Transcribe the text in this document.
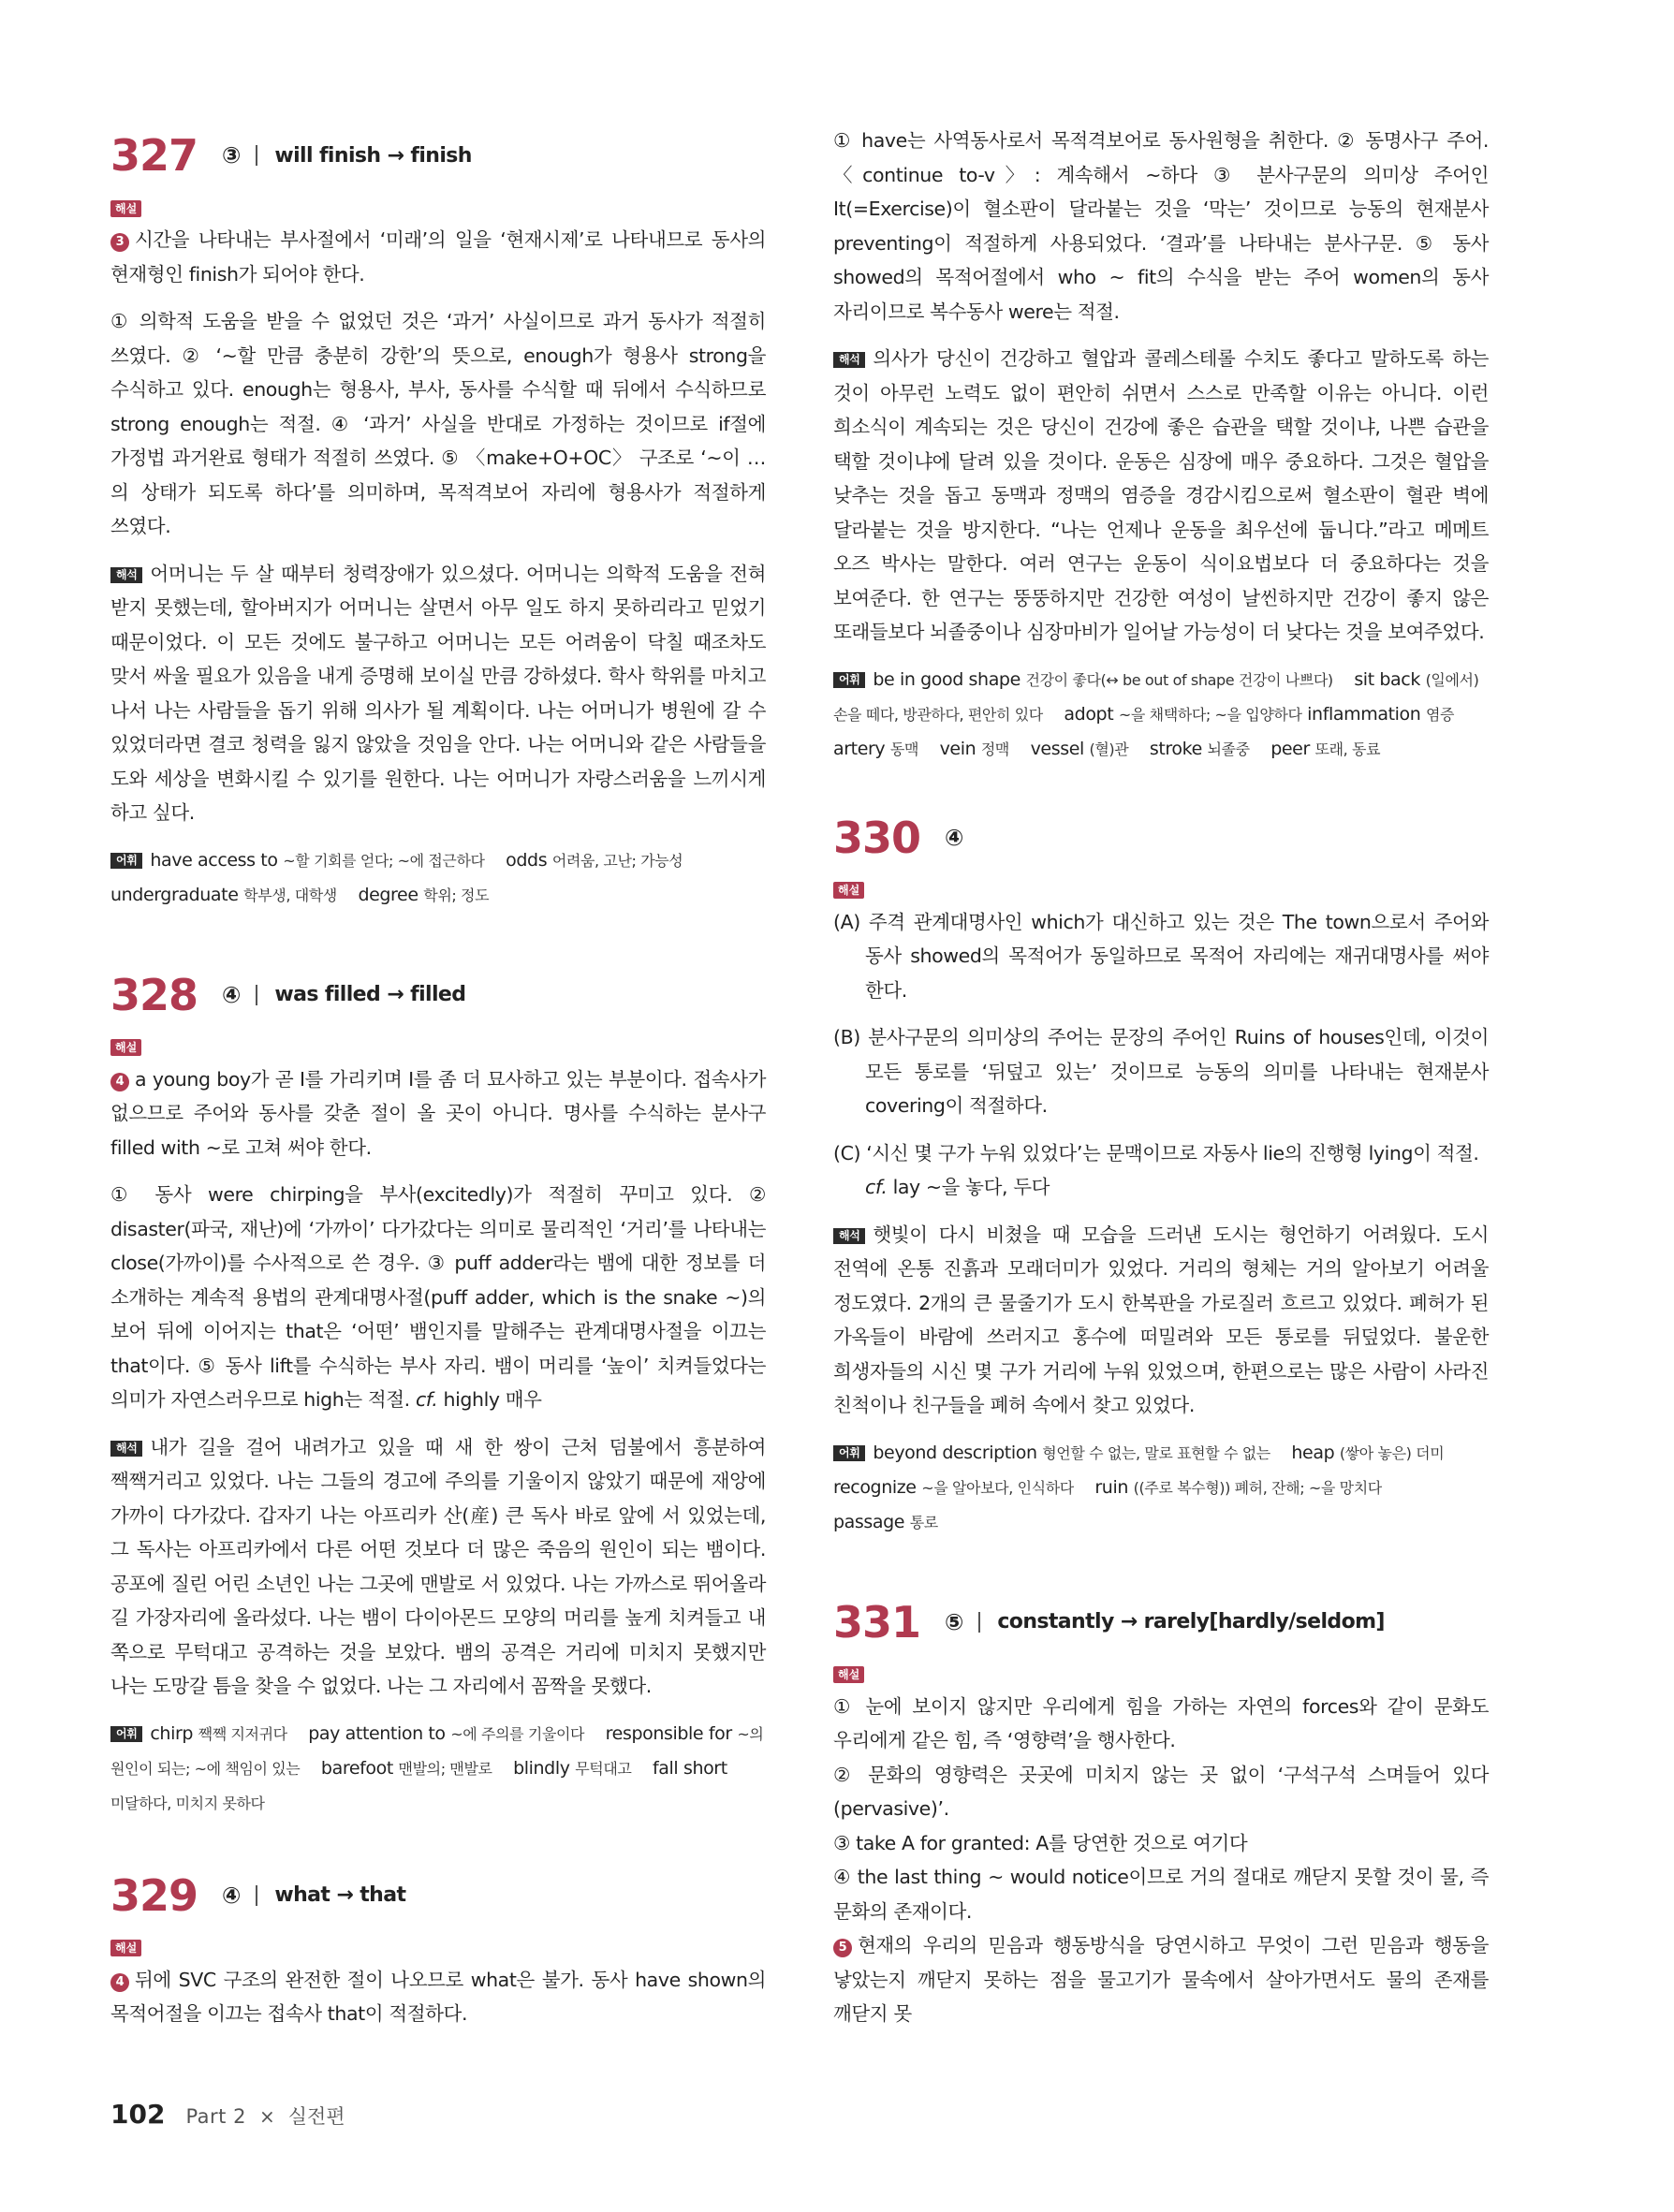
327 ③ will finish → finish
해설

3 시간을 나타내는 부사절에서 ‘미래’의 일을 ‘현재시제’로 나타내므로 동사의 현재형인 finish가 되어야 한다.

① 의학적 도움을 받을 수 없었던 것은 ‘과거’ 사실이므로 과거 동사가 적절히 쓰였다. ② ‘~할 만큼 충분히 강한’의 뜻으로, enough가 형용사 strong을 수식하고 있다. enough는 형용사, 부사, 동사를 수식할 때 뒤에서 수식하므로 strong enough는 적절. ④ ‘과거’ 사실을 반대로 가정하는 것이므로 if절에 가정법 과거완료 형태가 적절히 쓰였다. ⑤ 〈make+O+OC〉 구조로 ‘~이 …의 상태가 되도록 하다’를 의미하며, 목적격보어 자리에 형용사가 적절하게 쓰였다.

해석 어머니는 두 살 때부터 청력장애가 있으셨다. 어머니는 의학적 도움을 전혀 받지 못했는데, 할아버지가 어머니는 살면서 아무 일도 하지 못하리라고 믿었기 때문이었다. 이 모든 것에도 불구하고 어머니는 모든 어려움이 닥칠 때조차도 맞서 싸울 필요가 있음을 내게 증명해 보이실 만큼 강하셨다. 학사 학위를 마치고 나서 나는 사람들을 돕기 위해 의사가 될 계획이다. 나는 어머니가 병원에 갈 수 있었더라면 결코 청력을 잃지 않았을 것임을 안다. 나는 어머니와 같은 사람들을 도와 세상을 변화시킬 수 있기를 원한다. 나는 어머니가 자랑스러움을 느끼시게 하고 싶다.

어휘 have access to ~할 기회를 얻다; ~에 접근하다 odds 어려움, 고난; 가능성
undergraduate 학부생, 대학생 degree 학위; 정도

328 ④ was filled → filled
해설

4 a young boy가 곧 I를 가리키며 I를 좀 더 묘사하고 있는 부분이다. 접속사가 없으므로 주어와 동사를 갖춘 절이 올 곳이 아니다. 명사를 수식하는 분사구 filled with ~로 고쳐 써야 한다.

① 동사 were chirping을 부사(excitedly)가 적절히 꾸미고 있다. ② disaster(파국, 재난)에 ‘가까이’ 다가갔다는 의미로 물리적인 ‘거리’를 나타내는 close(가까이)를 수사적으로 쓴 경우. ③ puff adder라는 뱀에 대한 정보를 더 소개하는 계속적 용법의 관계대명사절(puff adder, which is the snake ~)의 보어 뒤에 이어지는 that은 ‘어떤’ 뱀인지를 말해주는 관계대명사절을 이끄는 that이다. ⑤ 동사 lift를 수식하는 부사 자리. 뱀이 머리를 ‘높이’ 치켜들었다는 의미가 자연스러우므로 high는 적절. cf. highly 매우

해석 내가 길을 걸어 내려가고 있을 때 새 한 쌍이 근처 덤불에서 흥분하여 짹짹거리고 있었다. 나는 그들의 경고에 주의를 기울이지 않았기 때문에 재앙에 가까이 다가갔다. 갑자기 나는 아프리카 산(産) 큰 독사 바로 앞에 서 있었는데, 그 독사는 아프리카에서 다른 어떤 것보다 더 많은 죽음의 원인이 되는 뱀이다. 공포에 질린 어린 소년인 나는 그곳에 맨발로 서 있었다. 나는 가까스로 뛰어올라 길 가장자리에 올라섰다. 나는 뱀이 다이아몬드 모양의 머리를 높게 치켜들고 내 쪽으로 무턱대고 공격하는 것을 보았다. 뱀의 공격은 거리에 미치지 못했지만 나는 도망갈 틈을 찾을 수 없었다. 나는 그 자리에서 꼼짝을 못했다.

어휘 chirp 짹짹 지저귀다 pay attention to ~에 주의를 기울이다 responsible for ~의 원인이 되는; ~에 책임이 있는 barefoot 맨발의; 맨발로 blindly 무턱대고 fall short 미달하다, 미치지 못하다

329 ④ what → that
해설

4 뒤에 SVC 구조의 완전한 절이 나오므로 what은 불가. 동사 have shown의 목적어절을 이끄는 접속사 that이 적절하다.

① have는 사역동사로서 목적격보어로 동사원형을 취한다. ② 동명사구 주어. 〈continue to-v〉: 계속해서 ~하다 ③ 분사구문의 의미상 주어인 It(=Exercise)이 혈소판이 달라붙는 것을 ‘막는’ 것이므로 능동의 현재분사 preventing이 적절하게 사용되었다. ‘결과’를 나타내는 분사구문. ⑤ 동사 showed의 목적어절에서 who ~ fit의 수식을 받는 주어 women의 동사 자리이므로 복수동사 were는 적절.

해석 의사가 당신이 건강하고 혈압과 콜레스테롤 수치도 좋다고 말하도록 하는 것이 아무런 노력도 없이 편안히 쉬면서 스스로 만족할 이유는 아니다. 이런 희소식이 계속되는 것은 당신이 건강에 좋은 습관을 택할 것이냐, 나쁜 습관을 택할 것이냐에 달려 있을 것이다. 운동은 심장에 매우 중요하다. 그것은 혈압을 낮추는 것을 돕고 동맥과 정맥의 염증을 경감시킴으로써 혈소판이 혈관 벽에 달라붙는 것을 방지한다. “나는 언제나 운동을 최우선에 둡니다.”라고 메메트 오즈 박사는 말한다. 여러 연구는 운동이 식이요법보다 더 중요하다는 것을 보여준다. 한 연구는 뚱뚱하지만 건강한 여성이 날씬하지만 건강이 좋지 않은 또래들보다 뇌졸중이나 심장마비가 일어날 가능성이 더 낮다는 것을 보여주었다.

어휘 be in good shape 건강이 좋다(↔ be out of shape 건강이 나쁘다) sit back (일에서) 손을 떼다, 방관하다, 편안히 있다 adopt ~을 채택하다; ~을 입양하다 inflammation 염증    artery 동맥 vein 정맥 vessel (혈)관 stroke 뇌졸중 peer 또래, 동료

330 ④
해설

(A) 주격 관계대명사인 which가 대신하고 있는 것은 The town으로서 주어와 동사 showed의 목적어가 동일하므로 목적어 자리에는 재귀대명사를 써야 한다.

(B) 분사구문의 의미상의 주어는 문장의 주어인 Ruins of houses인데, 이것이 모든 통로를 ‘뒤덮고 있는’ 것이므로 능동의 의미를 나타내는 현재분사 covering이 적절하다.

(C) ‘시신 몇 구가 누워 있었다’는 문맥이므로 자동사 lie의 진행형 lying이 적절.
cf. lay ~을 놓다, 두다

해석 햇빛이 다시 비쳤을 때 모습을 드러낸 도시는 형언하기 어려웠다. 도시 전역에 온통 진흙과 모래더미가 있었다. 거리의 형체는 거의 알아보기 어려울 정도였다. 2개의 큰 물줄기가 도시 한복판을 가로질러 흐르고 있었다. 폐허가 된 가옥들이 바람에 쓰러지고 홍수에 떠밀려와 모든 통로를 뒤덮었다. 불운한 희생자들의 시신 몇 구가 거리에 누워 있었으며, 한편으로는 많은 사람이 사라진 친척이나 친구들을 폐허 속에서 찾고 있었다.

어휘 beyond description 형언할 수 없는, 말로 표현할 수 없는 heap (쌓아 놓은) 더미 recognize ~을 알아보다, 인식하다 ruin ((주로 복수형)) 폐허, 잔해; ~을 망치다
passage 통로

331 ⑤ constantly → rarely[hardly/seldom]
해설

① 눈에 보이지 않지만 우리에게 힘을 가하는 자연의 forces와 같이 문화도 우리에게 같은 힘, 즉 ‘영향력’을 행사한다.

② 문화의 영향력은 곳곳에 미치지 않는 곳 없이 ‘구석구석 스며들어 있다(pervasive)’.

③ take A for granted: A를 당연한 것으로 여기다

④ the last thing ~ would notice이므로 거의 절대로 깨닫지 못할 것이 물, 즉 문화의 존재이다.

5 현재의 우리의 믿음과 행동방식을 당연시하고 무엇이 그런 믿음과 행동을 낳았는지 깨닫지 못하는 점을 물고기가 물속에서 살아가면서도 물의 존재를 깨닫지 못

102 Part 2 × 실전편
